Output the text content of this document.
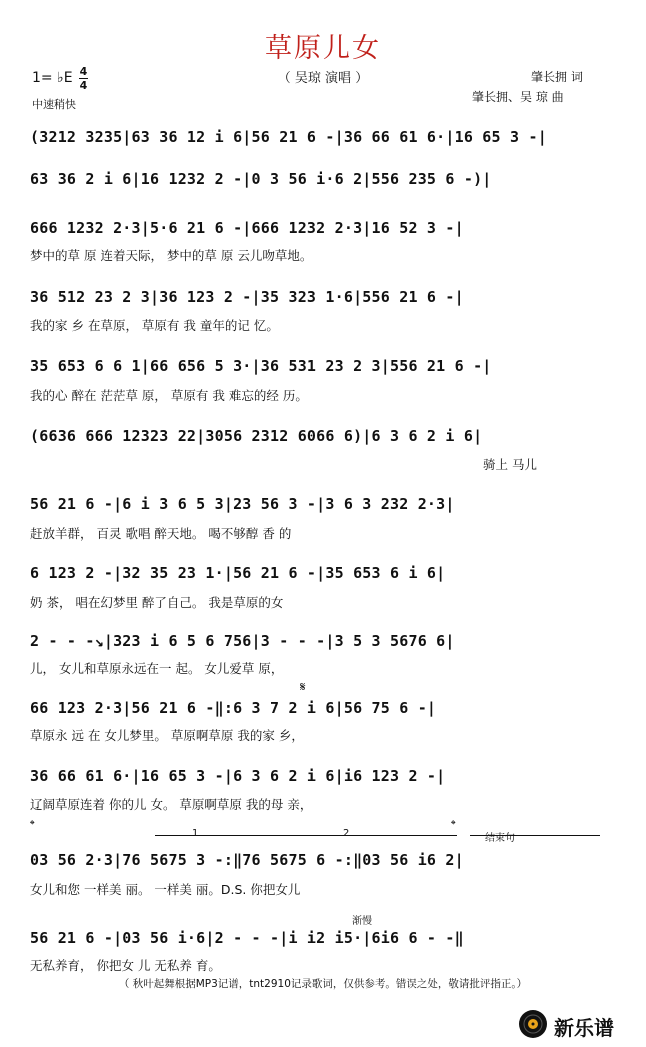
草原儿女
（ 吴琼 演唱 ）
1= ♭E 4
4
中速稍快
肇长拥 词
肇长拥、吴 琼 曲
(3212 3235|63 36 12 i 6|56 21 6 -|36 66 61 6·|16 65 3 -|
63 36 2 i 6|16 1232 2 -|0 3 56 i·6 2|556 235 6 -)|
666 1232 2·3|5·6 21 6 -|666 1232 2·3|16 52 3 -|
梦中的草 原 连着天际， 梦中的草 原 云儿吻草地。
36 512 23 2 3|36 123 2 -|35 323 1·6|556 21 6 -|
我的家 乡 在草原， 草原有 我 童年的记 忆。
35 653 6 6 1|66 656 5 3·|36 531 23 2 3|556 21 6 -|
我的心 醉在 茫茫草 原， 草原有 我 难忘的经 历。
(6636 666 12323 22|3056 2312 6066 6)|6 3 6 2 i 6|
骑上 马儿
56 21 6 -|6 i 3 6 5 3|23 56 3 -|3 6 3 232 2·3|
赶放羊群， 百灵 歌唱 醉天地。 喝不够醇 香 的
6 123 2 -|32 35 23 1·|56 21 6 -|35 653 6 i 6|
奶 茶， 唱在幻梦里 醉了自己。 我是草原的女
2 - - -↘|323 i 6 5 6 756|3 - - -|3 5 3 5676 6|
儿， 女儿和草原永远在一 起。 女儿爱草 原，
𝄋
66 123 2·3|56 21 6 -‖:6 3 7 2 i 6|56 75 6 -|
草原永 远 在 女儿梦里。 草原啊草原 我的家 乡，
36 66 61 6·|16 65 3 -|6 3 6 2 i 6|i6 123 2 -|
辽阔草原连着 你的儿 女。 草原啊草原 我的母 亲，
𝄌
1	2
𝄌
结束句
03 56 2·3|76 5675 3 -:‖76 5675 6 -:‖03 56 i6 2|
女儿和您 一样美 丽。 一样美 丽。D.S. 你把女儿
渐慢
56 21 6 -|03 56 i·6|2 - - -|i i2 i5·|6i6 6 - -‖
无私养育， 你把女 儿 无私养 育。
（ 秋叶起舞根据MP3记谱，tnt2910记录歌词，仅供参考。错误之处，敬请批评指正。）
新乐谱
